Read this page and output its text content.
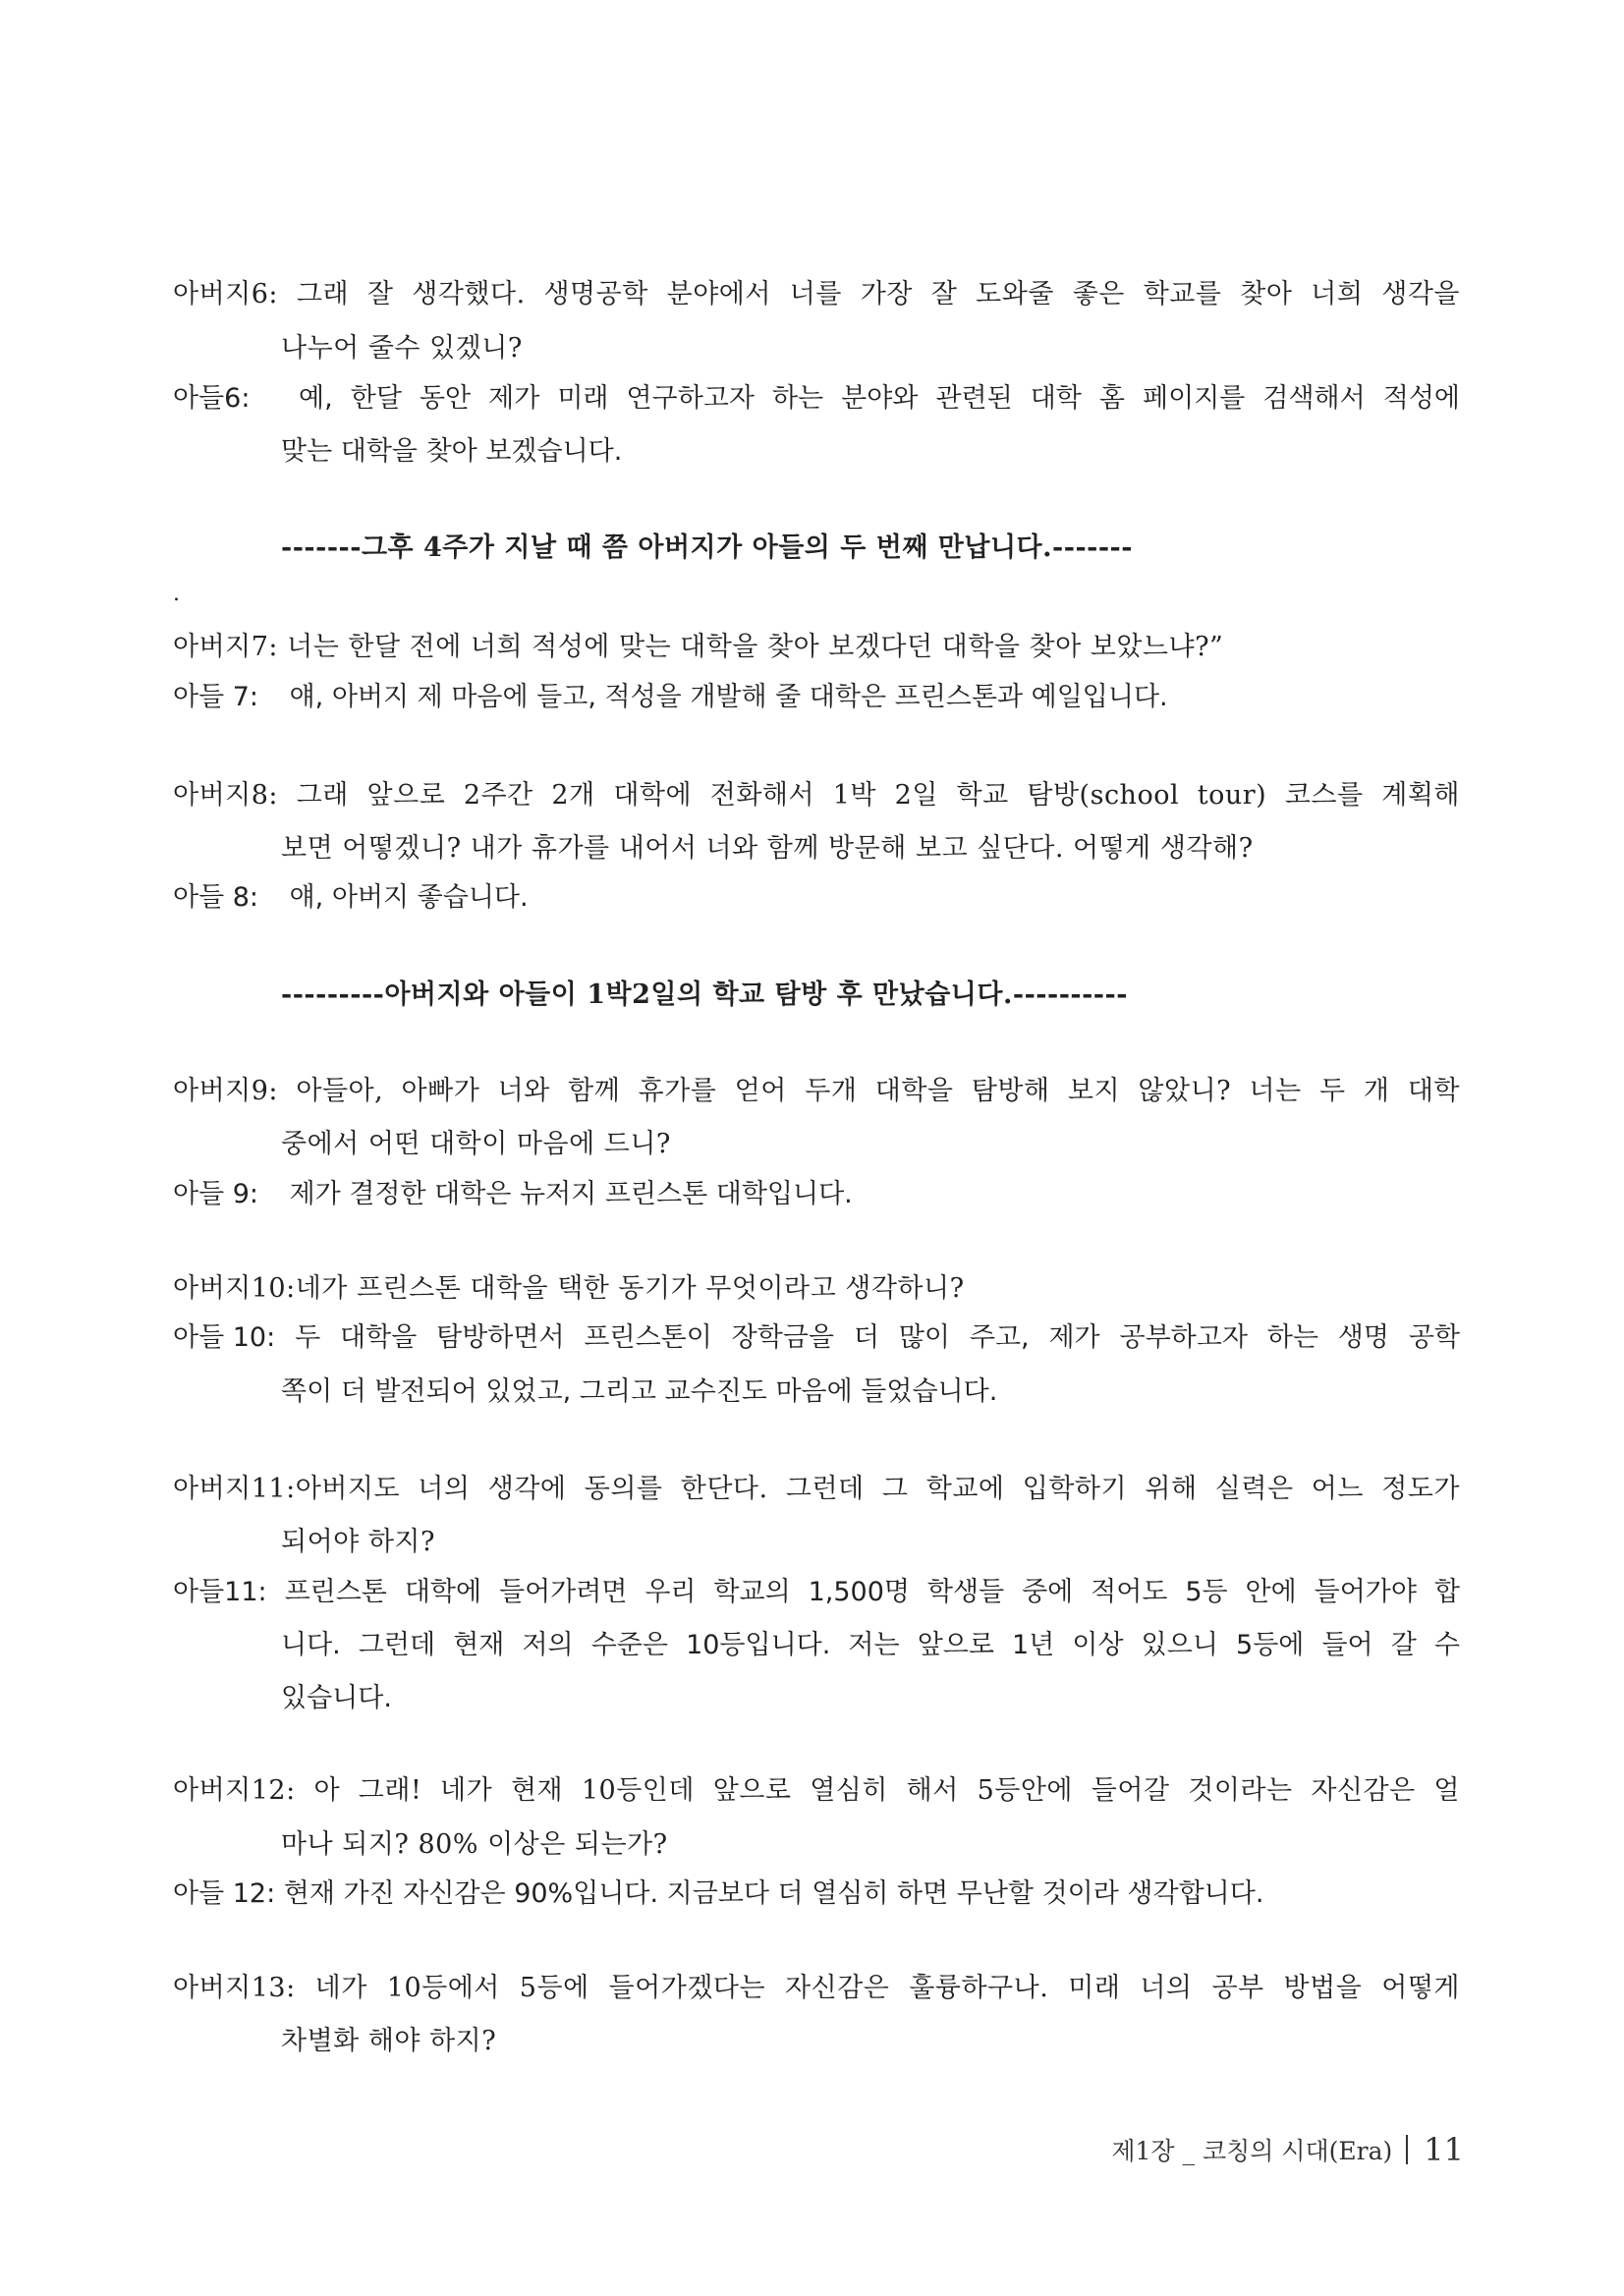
아버지6: 그래 잘 생각했다. 생명공학 분야에서 너를 가장 잘 도와줄 좋은 학교를 찾아 너희 생각을
나누어 줄수 있겠니?
아들6: 예, 한달 동안 제가 미래 연구하고자 하는 분야와 관련된 대학 홈 페이지를 검색해서 적성에
맞는 대학을 찾아 보겠습니다.
-------그후 4주가 지날 때 쯤 아버지가 아들의 두 번째 만납니다.-------
.
아버지7: 너는 한달 전에 너희 적성에 맞는 대학을 찾아 보겠다던 대학을 찾아 보았느냐?”
아들 7: 얘, 아버지 제 마음에 들고, 적성을 개발해 줄 대학은 프린스톤과 예일입니다.
아버지8: 그래 앞으로 2주간 2개 대학에 전화해서 1박 2일 학교 탐방(school tour) 코스를 계획해
보면 어떻겠니? 내가 휴가를 내어서 너와 함께 방문해 보고 싶단다. 어떻게 생각해?
아들 8: 얘, 아버지 좋습니다.
---------아버지와 아들이 1박2일의 학교 탐방 후 만났습니다.----------
아버지9: 아들아, 아빠가 너와 함께 휴가를 얻어 두개 대학을 탐방해 보지 않았니? 너는 두 개 대학
중에서 어떤 대학이 마음에 드니?
아들 9: 제가 결정한 대학은 뉴저지 프린스톤 대학입니다.
아버지10:네가 프린스톤 대학을 택한 동기가 무엇이라고 생각하니?
아들 10: 두 대학을 탐방하면서 프린스톤이 장학금을 더 많이 주고, 제가 공부하고자 하는 생명 공학
쪽이 더 발전되어 있었고, 그리고 교수진도 마음에 들었습니다.
아버지11:아버지도 너의 생각에 동의를 한단다. 그런데 그 학교에 입학하기 위해 실력은 어느 정도가
되어야 하지?
아들11: 프린스톤 대학에 들어가려면 우리 학교의 1,500명 학생들 중에 적어도 5등 안에 들어가야 합
니다. 그런데 현재 저의 수준은 10등입니다. 저는 앞으로 1년 이상 있으니 5등에 들어 갈 수
있습니다.
아버지12: 아 그래! 네가 현재 10등인데 앞으로 열심히 해서 5등안에 들어갈 것이라는 자신감은 얼
마나 되지? 80% 이상은 되는가?
아들 12: 현재 가진 자신감은 90%입니다. 지금보다 더 열심히 하면 무난할 것이라 생각합니다.
아버지13: 네가 10등에서 5등에 들어가겠다는 자신감은 훌륭하구나. 미래 너의 공부 방법을 어떻게
차별화 해야 하지?
제1장 _ 코칭의 시대(Era) 11
